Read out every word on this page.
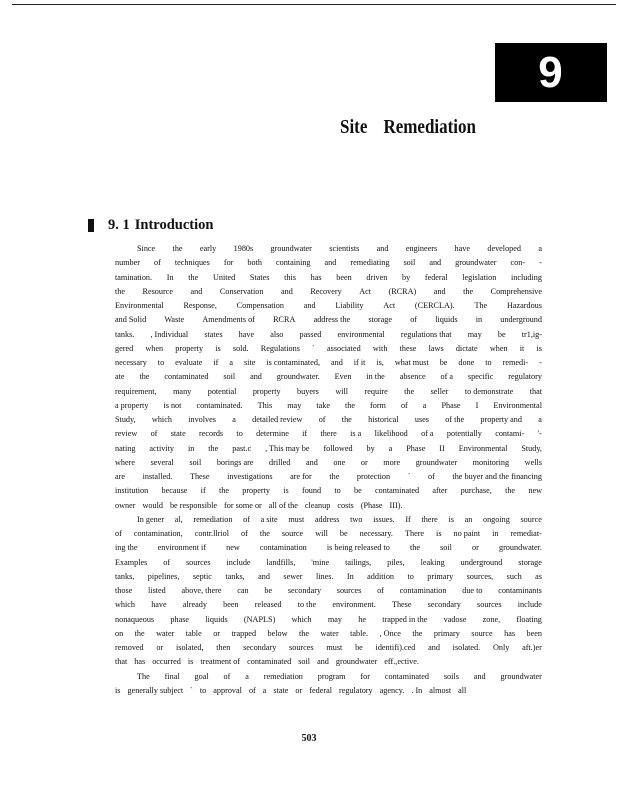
9
Site Remediation
9. 1 Introduction
Since the early 1980s groundwater scientists and engineers have developed a
number of techniques for both containing and remediating soil and groundwater con- -
tamination. In the United States this has been driven by federal legislation including
the Resource and Conservation and Recovery Act (RCRA) and the Comprehensive
Environmental Response, Compensation and Liability Act (CERCLA). The Hazardous
and Solid Waste Amendments of RCRA address the storage of liquids in underground
tanks. , Individual states have also passed environmental regulations that may be tr1,ig-
gered when property is sold. Regulations ` associated with these laws dictate when it is
necessary to evaluate if a site is contaminated, and if it is, what must be done to remedi- -
ate the contaminated soil and groundwater. Even in the absence of a specific regulatory
requirement, many potential property buyers will require the seller to demonstrate that
a property is not contaminated. This may take the form of a Phase I Environmental
Study, which involves a detailed review of the historical uses of the property and a
review of state records to determine if there is a likelihood of a potentially contami- '-
nating activity in the past.c , This may be followed by a Phase II Environmental Study,
where several soil borings are drilled and one or more groundwater monitoring wells
are installed. These investigations are for the protection ´ of the buyer and the financing
institution because if the property is found to be contaminated after purchase, the new
owner would be responsible for some or all of the cleanup costs (Phase III).
In gener al, remediation of a site must address two issues. If there is an ongoing source
of contamination, contr.llriol of the source will be necessary. There is no paint in remediat-
ing the environment if new contamination is being released to the soil or groundwater.
Examples of sources include landfills, 'mine tailings, piles, leaking underground storage
tanks, pipelines, septic tanks, and sewer lines. In addition to primary sources, such as
those listed above, there can be secondary sources of contamination due to contaminants
which have already been released to the environment. These secondary sources include
nonaqueous phase liquids (NAPLS) which may he trapped in the vadose zone, floating
on the water table or trapped below the water table. , Once the primary source has been
removed or isolated, then secondary sources must be identifi).ced and isolated. Only aft.)er
that has occurred is treatment of contaminated soil and groundwater eff.,ective.
The final goal of a remediation program for contaminated soils and groundwater
is generally subject ` to approval of a state or federal regulatory agency. . In almost all
503
